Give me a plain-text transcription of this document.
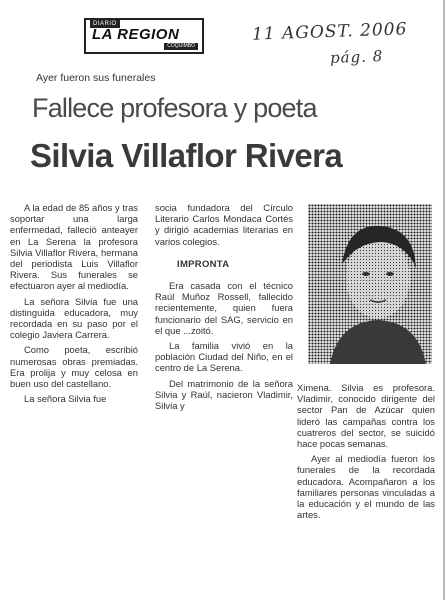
DIARIO
LA REGION
COQUIMBO
11 AGOST. 2006
pág. 8
Ayer fueron sus funerales
Fallece profesora y poeta
Silvia Villaflor Rivera

A la edad de 85 años y tras soportar una larga enfermedad, falleció anteayer en La Serena la profesora Silvia Villaflor Rivera, hermana del periodista Luis Villaflor Rivera. Sus funerales se efectuaron ayer al mediodía.

La señora Silvia fue una distinguida educadora, muy recordada en su paso por el colegio Javiera Carrera.

Como poeta, escribió numerosas obras premiadas. Era prolija y muy celosa en buen uso del castellano.

La señora Silvia fue

socia fundadora del Círculo Literario Carlos Mondaca Cortés y dirigió academias literarias en varios colegios.

IMPRONTA

Era casada con el técnico Raúl Muñoz Rossell, fallecido recientemente, quien fuera funcionario del SAG, servicio en el que ...zoitó.

La familia vivió en la población Ciudad del Niño, en el centro de La Serena.

Del matrimonio de la señora Silvia y Raúl, nacieron Vladimir, Silvia y

Ximena. Silvia es profesora. Vladimir, conocido dirigente del sector Pan de Azúcar quien lideró las campañas contra los cuatreros del sector, se suicidó hace pocas semanas.

Ayer al mediodía fueron los funerales de la recordada educadora. Acompañaron a los familiares personas vinculadas a la educación y el mundo de las artes.
